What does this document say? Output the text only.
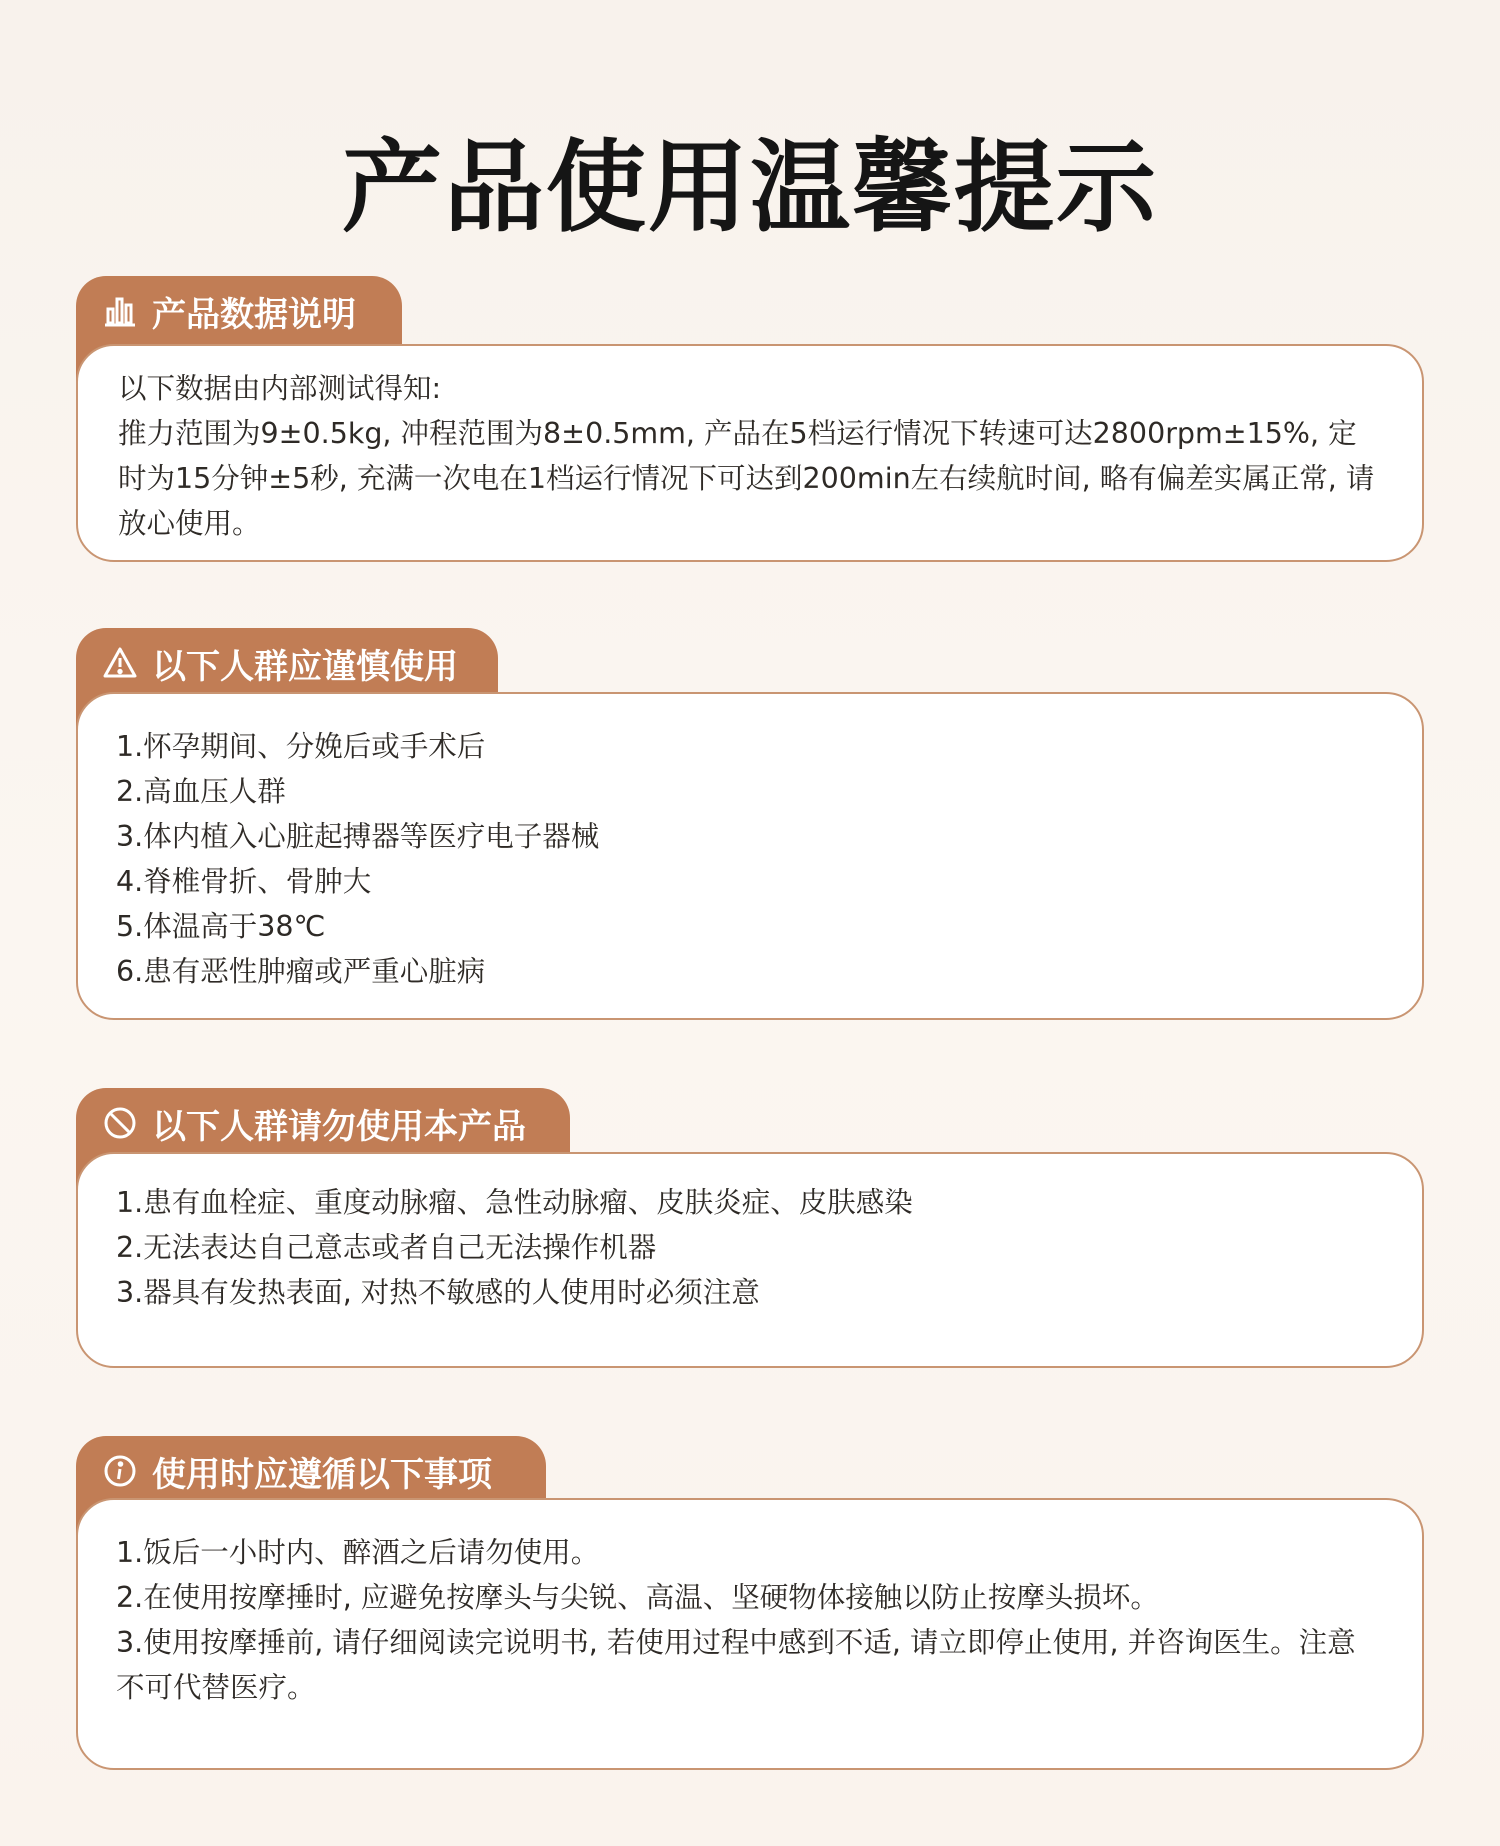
产品使用温馨提示
产品数据说明

以下数据由内部测试得知:

推力范围为9±0.5kg, 冲程范围为8±0.5mm, 产品在5档运行情况下转速可达2800rpm±15%, 定时为15分钟±5秒, 充满一次电在1档运行情况下可达到200min左右续航时间, 略有偏差实属正常, 请放心使用。

以下人群应谨慎使用

1.怀孕期间、分娩后或手术后

2.高血压人群

3.体内植入心脏起搏器等医疗电子器械

4.脊椎骨折、骨肿大

5.体温高于38℃

6.患有恶性肿瘤或严重心脏病

以下人群请勿使用本产品

1.患有血栓症、重度动脉瘤、急性动脉瘤、皮肤炎症、皮肤感染

2.无法表达自己意志或者自己无法操作机器

3.器具有发热表面, 对热不敏感的人使用时必须注意

使用时应遵循以下事项

1.饭后一小时内、醉酒之后请勿使用。

2.在使用按摩捶时, 应避免按摩头与尖锐、高温、坚硬物体接触以防止按摩头损坏。

3.使用按摩捶前, 请仔细阅读完说明书, 若使用过程中感到不适, 请立即停止使用, 并咨询医生。注意不可代替医疗。
